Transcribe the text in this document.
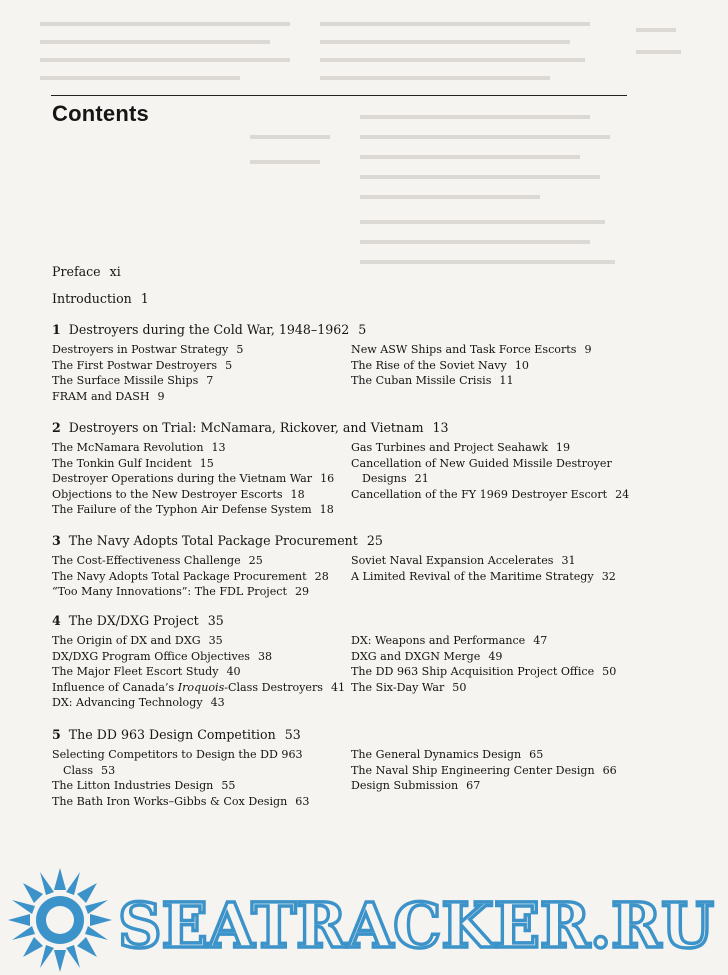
Contents
Preface xi
Introduction 1
1 Destroyers during the Cold War, 1948–1962 5
Destroyers in Postwar Strategy 5
The First Postwar Destroyers 5
The Surface Missile Ships 7
FRAM and DASH 9
New ASW Ships and Task Force Escorts 9
The Rise of the Soviet Navy 10
The Cuban Missile Crisis 11
2 Destroyers on Trial: McNamara, Rickover, and Vietnam 13
The McNamara Revolution 13
The Tonkin Gulf Incident 15
Destroyer Operations during the Vietnam War 16
Objections to the New Destroyer Escorts 18
The Failure of the Typhon Air Defense System 18
Gas Turbines and Project Seahawk 19
Cancellation of New Guided Missile Destroyer
Designs 21
Cancellation of the FY 1969 Destroyer Escort 24
3 The Navy Adopts Total Package Procurement 25
The Cost-Effectiveness Challenge 25
The Navy Adopts Total Package Procurement 28
“Too Many Innovations”: The FDL Project 29
Soviet Naval Expansion Accelerates 31
A Limited Revival of the Maritime Strategy 32
4 The DX/DXG Project 35
The Origin of DX and DXG 35
DX/DXG Program Office Objectives 38
The Major Fleet Escort Study 40
Influence of Canada’s Iroquois-Class Destroyers 41
DX: Advancing Technology 43
DX: Weapons and Performance 47
DXG and DXGN Merge 49
The DD 963 Ship Acquisition Project Office 50
The Six-Day War 50
5 The DD 963 Design Competition 53
Selecting Competitors to Design the DD 963
Class 53
The Litton Industries Design 55
The Bath Iron Works–Gibbs & Cox Design 63
The General Dynamics Design 65
The Naval Ship Engineering Center Design 66
Design Submission 67
SEATRACKER.RU
